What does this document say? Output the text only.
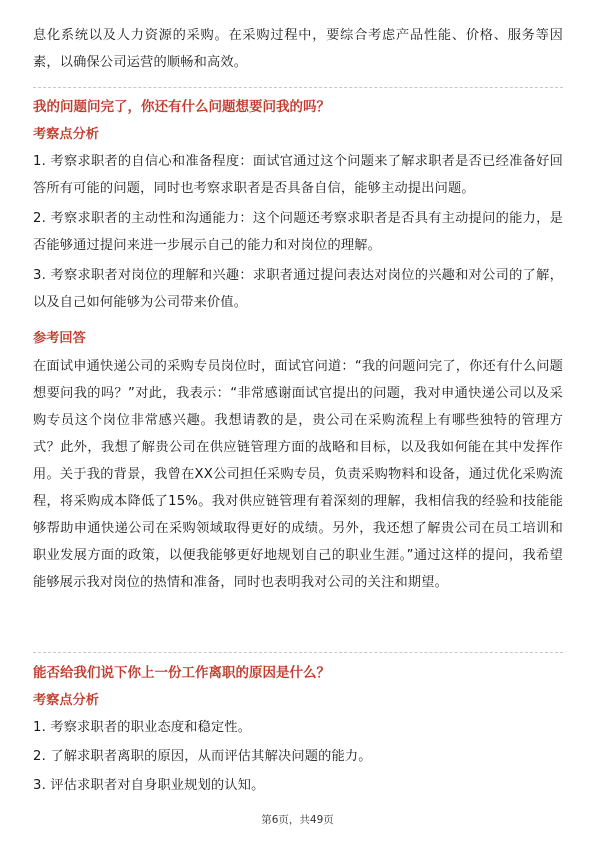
息化系统以及人力资源的采购。在采购过程中，要综合考虑产品性能、价格、服务等因素，以确保公司运营的顺畅和高效。

我的问题问完了，你还有什么问题想要问我的吗？

考察点分析

1. 考察求职者的自信心和准备程度：面试官通过这个问题来了解求职者是否已经准备好回答所有可能的问题，同时也考察求职者是否具备自信，能够主动提出问题。

2. 考察求职者的主动性和沟通能力：这个问题还考察求职者是否具有主动提问的能力，是否能够通过提问来进一步展示自己的能力和对岗位的理解。

3. 考察求职者对岗位的理解和兴趣：求职者通过提问表达对岗位的兴趣和对公司的了解，以及自己如何能够为公司带来价值。

参考回答

在面试申通快递公司的采购专员岗位时，面试官问道：“我的问题问完了，你还有什么问题想要问我的吗？”对此，我表示：“非常感谢面试官提出的问题，我对申通快递公司以及采购专员这个岗位非常感兴趣。我想请教的是，贵公司在采购流程上有哪些独特的管理方式？此外，我想了解贵公司在供应链管理方面的战略和目标，以及我如何能在其中发挥作用。关于我的背景，我曾在XX公司担任采购专员，负责采购物料和设备，通过优化采购流程，将采购成本降低了15%。我对供应链管理有着深刻的理解，我相信我的经验和技能能够帮助申通快递公司在采购领域取得更好的成绩。另外，我还想了解贵公司在员工培训和职业发展方面的政策，以便我能够更好地规划自己的职业生涯。”通过这样的提问，我希望能够展示我对岗位的热情和准备，同时也表明我对公司的关注和期望。

能否给我们说下你上一份工作离职的原因是什么？

考察点分析

1. 考察求职者的职业态度和稳定性。

2. 了解求职者离职的原因，从而评估其解决问题的能力。

3. 评估求职者对自身职业规划的认知。

第6页，共49页
